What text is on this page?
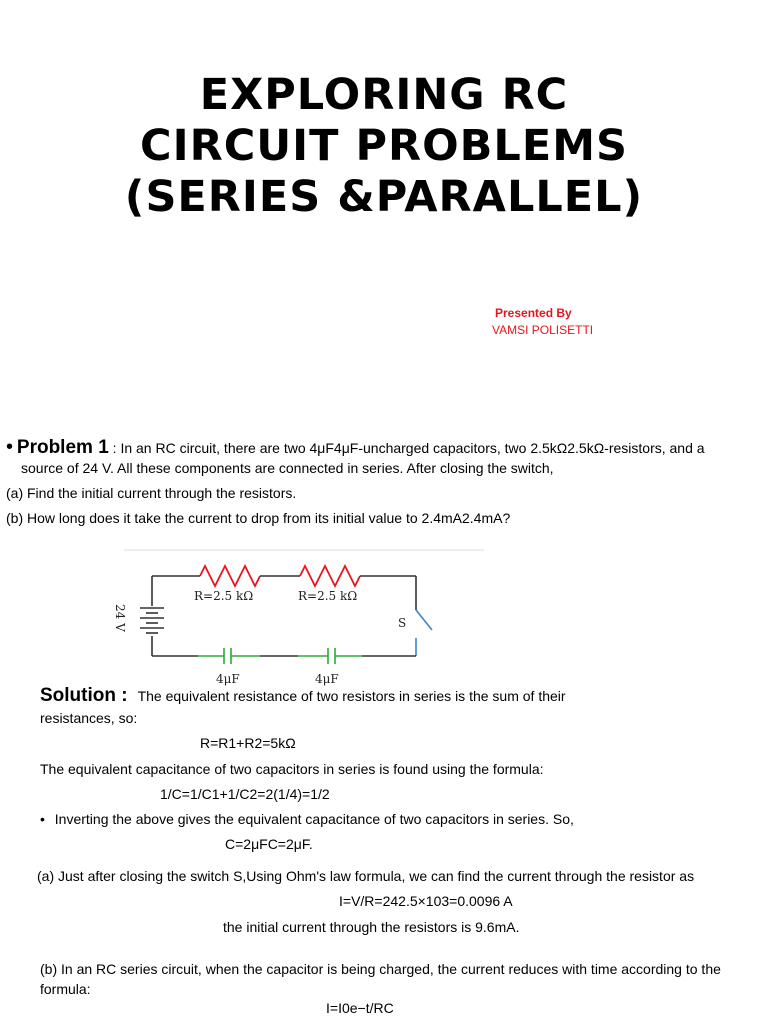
EXPLORING RC
CIRCUIT PROBLEMS
(SERIES &PARALLEL)
Presented By
VAMSI POLISETTI
• Problem 1 : In an RC circuit, there are two 4μF4μF-uncharged capacitors, two 2.5kΩ2.5kΩ-resistors, and a
source of 24 V. All these components are connected in series. After closing the switch,
(a) Find the initial current through the resistors.
(b) How long does it take the current to drop from its initial value to 2.4mA2.4mA?
R=2.5 kΩ	R=2.5 kΩ
S
4μF	4μF
24 V
Solution : The equivalent resistance of two resistors in series is the sum of their
resistances, so:
R=R1+R2=5kΩ
The equivalent capacitance of two capacitors in series is found using the formula:
1/C=1/C1+1/C2=2(1/4)=1/2
• Inverting the above gives the equivalent capacitance of two capacitors in series. So,
C=2μFC=2μF.
(a) Just after closing the switch S,Using Ohm's law formula, we can find the current through the resistor as
I=V/R=242.5×103=0.0096 A
the initial current through the resistors is 9.6mA.
(b) In an RC series circuit, when the capacitor is being charged, the current reduces with time according to the
formula:
I=I0e−t/RC
